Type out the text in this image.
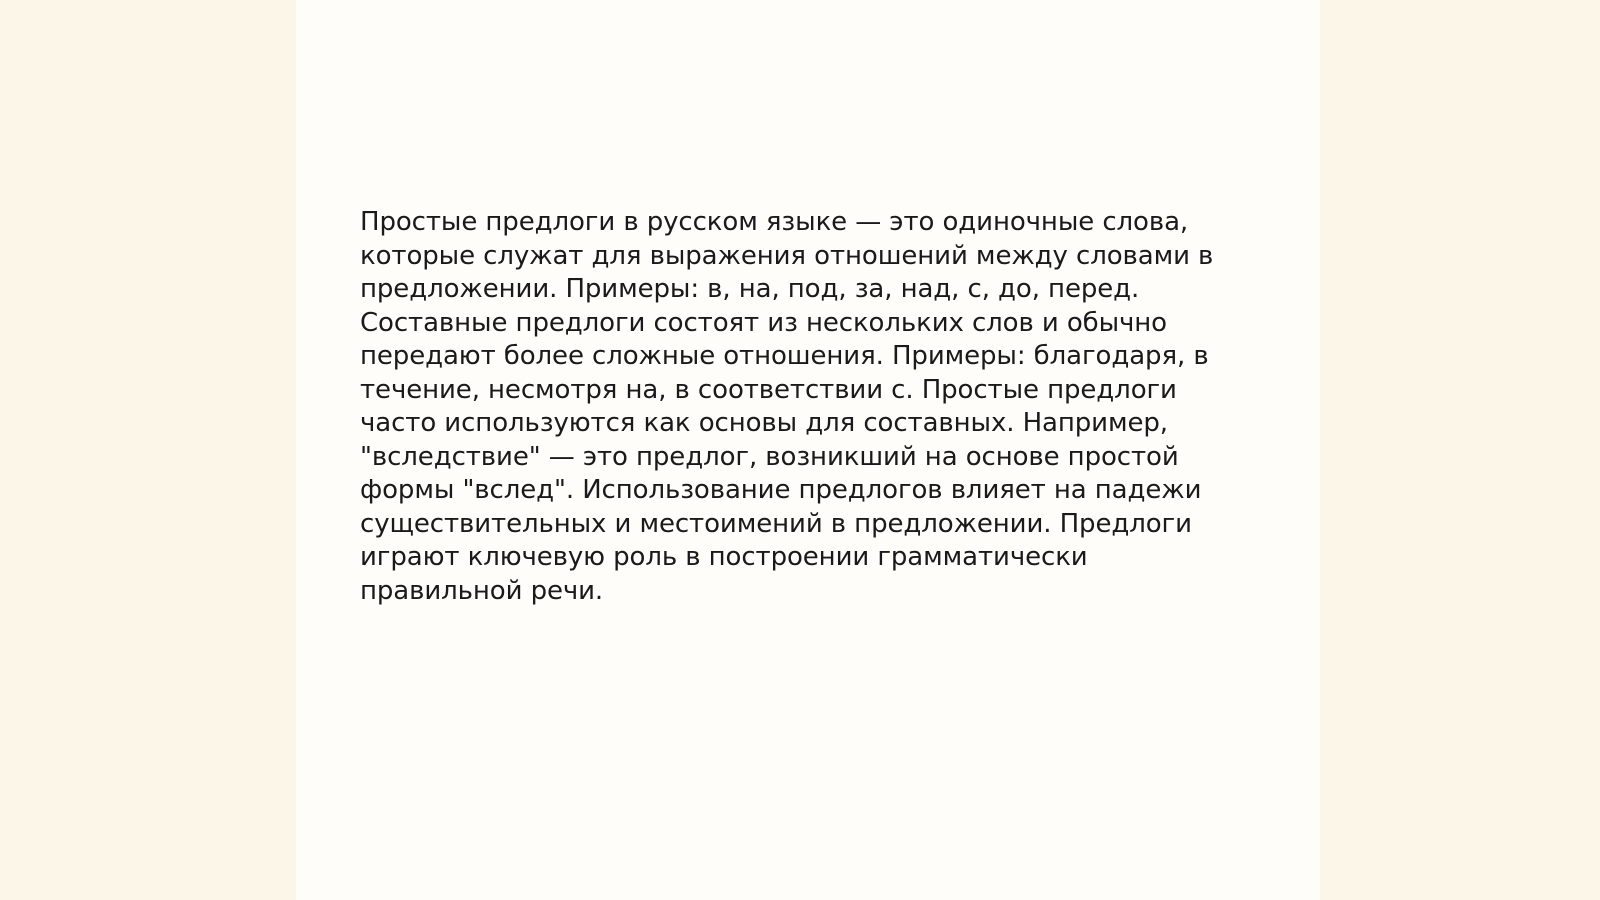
Простые предлоги в русском языке — это одиночные слова,
которые служат для выражения отношений между словами в
предложении. Примеры: в, на, под, за, над, с, до, перед.
Составные предлоги состоят из нескольких слов и обычно
передают более сложные отношения. Примеры: благодаря, в
течение, несмотря на, в соответствии с. Простые предлоги
часто используются как основы для составных. Например,
"вследствие" — это предлог, возникший на основе простой
формы "вслед". Использование предлогов влияет на падежи
существительных и местоимений в предложении. Предлоги
играют ключевую роль в построении грамматически
правильной речи.
